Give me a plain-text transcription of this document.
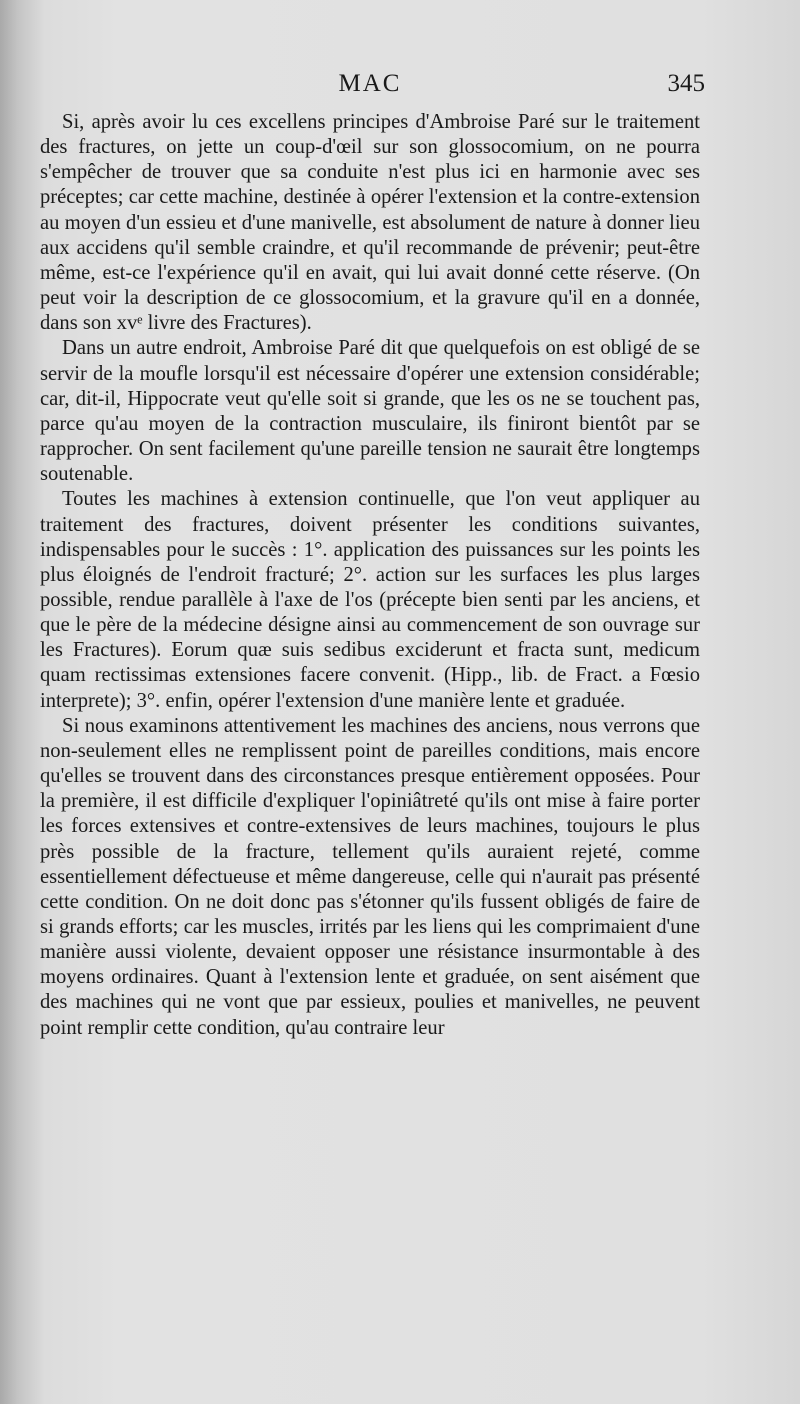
MAC	345

Si, après avoir lu ces excellens principes d'Ambroise Paré sur le traitement des fractures, on jette un coup-d'œil sur son glossocomium, on ne pourra s'empêcher de trouver que sa conduite n'est plus ici en harmonie avec ses préceptes; car cette machine, destinée à opérer l'extension et la contre-extension au moyen d'un essieu et d'une manivelle, est absolument de nature à donner lieu aux accidens qu'il semble craindre, et qu'il recommande de prévenir; peut-être même, est-ce l'expérience qu'il en avait, qui lui avait donné cette réserve. (On peut voir la description de ce glossocomium, et la gravure qu'il en a donnée, dans son xvᵉ livre des Fractures).

Dans un autre endroit, Ambroise Paré dit que quelquefois on est obligé de se servir de la moufle lorsqu'il est nécessaire d'opérer une extension considérable; car, dit-il, Hippocrate veut qu'elle soit si grande, que les os ne se touchent pas, parce qu'au moyen de la contraction musculaire, ils finiront bientôt par se rapprocher. On sent facilement qu'une pareille tension ne saurait être longtemps soutenable.

Toutes les machines à extension continuelle, que l'on veut appliquer au traitement des fractures, doivent présenter les conditions suivantes, indispensables pour le succès : 1°. application des puissances sur les points les plus éloignés de l'endroit fracturé; 2°. action sur les surfaces les plus larges possible, rendue parallèle à l'axe de l'os (précepte bien senti par les anciens, et que le père de la médecine désigne ainsi au commencement de son ouvrage sur les Fractures). Eorum quæ suis sedibus exciderunt et fracta sunt, medicum quam rectissimas extensiones facere convenit. (Hipp., lib. de Fract. a Fœsio interprete); 3°. enfin, opérer l'extension d'une manière lente et graduée.

Si nous examinons attentivement les machines des anciens, nous verrons que non-seulement elles ne remplissent point de pareilles conditions, mais encore qu'elles se trouvent dans des circonstances presque entièrement opposées. Pour la première, il est difficile d'expliquer l'opiniâtreté qu'ils ont mise à faire porter les forces extensives et contre-extensives de leurs machines, toujours le plus près possible de la fracture, tellement qu'ils auraient rejeté, comme essentiellement défectueuse et même dangereuse, celle qui n'aurait pas présenté cette condition. On ne doit donc pas s'étonner qu'ils fussent obligés de faire de si grands efforts; car les muscles, irrités par les liens qui les comprimaient d'une manière aussi violente, devaient opposer une résistance insurmontable à des moyens ordinaires. Quant à l'extension lente et graduée, on sent aisément que des machines qui ne vont que par essieux, poulies et manivelles, ne peuvent point remplir cette condition, qu'au contraire leur
